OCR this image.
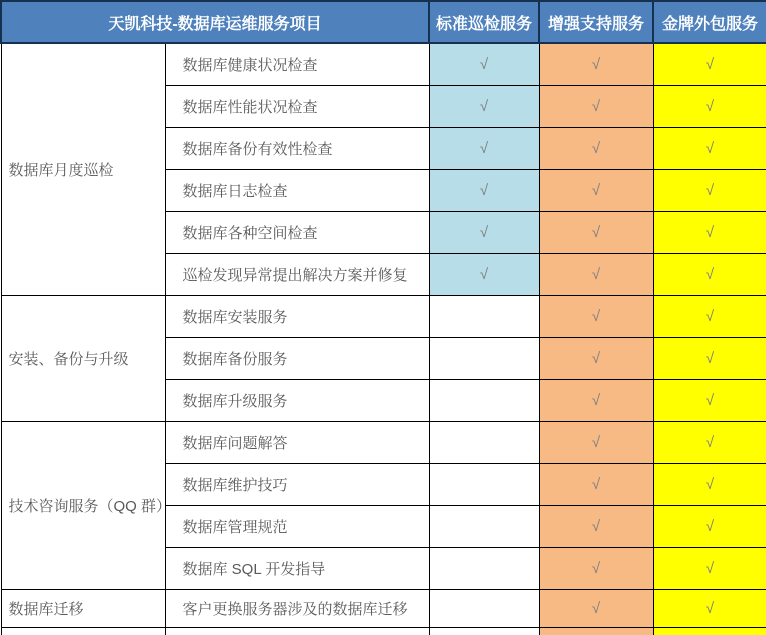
天凯科技-数据库运维服务项目		标准巡检服务	增强支持服务	金牌外包服务
数据库月度巡检	数据库健康状况检查	√	√	√
	数据库性能状况检查	√	√	√
	数据库备份有效性检查	√	√	√
	数据库日志检查	√	√	√
	数据库各种空间检查	√	√	√
	巡检发现异常提出解决方案并修复	√	√	√
安装、备份与升级	数据库安装服务		√	√
	数据库备份服务		√	√
	数据库升级服务		√	√
技术咨询服务（QQ 群）	数据库问题解答		√	√
	数据库维护技巧		√	√
	数据库管理规范		√	√
	数据库 SQL 开发指导		√	√
数据库迁移	客户更换服务器涉及的数据库迁移		√	√
